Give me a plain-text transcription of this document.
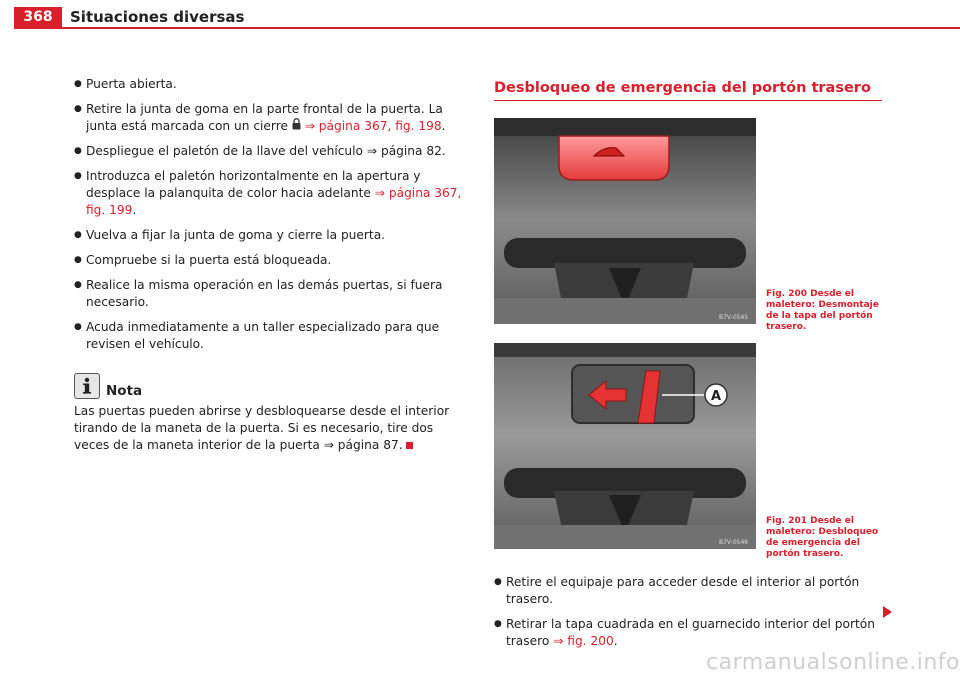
368	Situaciones diversas
● Puerta abierta.
● Retire la junta de goma en la parte frontal de la puerta. La junta está marcada con un cierre  ⇒ página 367, fig. 198.
● Despliegue el paletón de la llave del vehículo ⇒ página 82.
● Introduzca el paletón horizontalmente en la apertura y desplace la palanquita de color hacia adelante ⇒ página 367, fig. 199.
● Vuelva a fijar la junta de goma y cierre la puerta.
● Compruebe si la puerta está bloqueada.
● Realice la misma operación en las demás puertas, si fuera necesario.
● Acuda inmediatamente a un taller especializado para que revisen el vehículo.
Nota
Las puertas pueden abrirse y desbloquearse desde el interior tirando de la maneta de la puerta. Si es necesario, tire dos veces de la maneta interior de la puerta ⇒ página 87.
Desbloqueo de emergencia del portón trasero
B7V-0545
Fig. 200 Desde el maletero: Desmontaje de la tapa del portón trasero.
A
B7V-0546
Fig. 201 Desde el maletero: Desbloqueo de emergencia del portón trasero.
● Retire el equipaje para acceder desde el interior al portón trasero.
● Retirar la tapa cuadrada en el guarnecido interior del portón trasero ⇒ fig. 200.
carmanualsonline.info
